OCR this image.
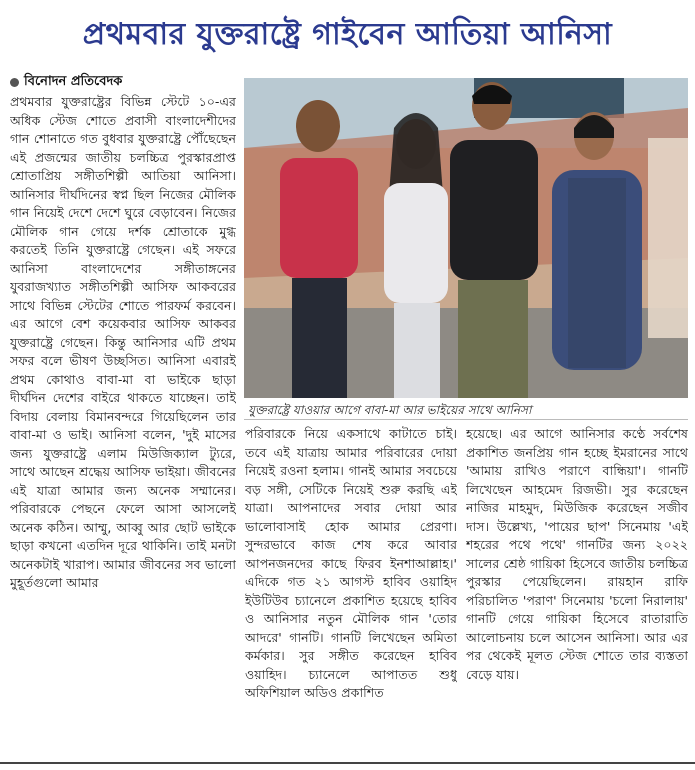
প্রথমবার যুক্তরাষ্ট্রে গাইবেন আতিয়া আনিসা
বিনোদন প্রতিবেদক

প্রথমবার যুক্তরাষ্ট্রের বিভিন্ন স্টেটে ১০-এর অধিক স্টেজ শোতে প্রবাসী বাংলাদেশীদের গান শোনাতে গত বুধবার যুক্তরাষ্ট্রে পৌঁছেছেন এই প্রজন্মের জাতীয় চলচ্চিত্র পুরস্কারপ্রাপ্ত শ্রোতাপ্রিয় সঙ্গীতশিল্পী আতিয়া আনিসা। আনিসার দীর্ঘদিনের স্বপ্ন ছিল নিজের মৌলিক গান নিয়েই দেশে দেশে ঘুরে বেড়াবেন। নিজের মৌলিক গান গেয়ে দর্শক শ্রোতাকে মুগ্ধ করতেই তিনি যুক্তরাষ্ট্রে গেছেন। এই সফরে আনিসা বাংলাদেশের সঙ্গীতাঙ্গনের যুবরাজখ্যাত সঙ্গীতশিল্পী আসিফ আকবরের সাথে বিভিন্ন স্টেটের শোতে পারফর্ম করবেন। এর আগে বেশ কয়েকবার আসিফ আকবর যুক্তরাষ্ট্রে গেছেন। কিন্তু আনিসার এটি প্রথম সফর বলে ভীষণ উচ্ছসিত। আনিসা এবারই প্রথম কোথাও বাবা-মা বা ভাইকে ছাড়া দীর্ঘদিন দেশের বাইরে থাকতে যাচ্ছেন। তাই বিদায় বেলায় বিমানবন্দরে গিয়েছিলেন তার বাবা-মা ও ভাই। আনিসা বলেন, 'দুই মাসের জন্য যুক্তরাষ্ট্রে এলাম মিউজিক্যাল ট্যুরে, সাথে আছেন শ্রদ্ধেয় আসিফ ভাইয়া। জীবনের এই যাত্রা আমার জন্য অনেক সম্মানের। পরিবারকে পেছনে ফেলে আসা আসলেই অনেক কঠিন। আম্মু, আব্বু আর ছোট ভাইকে ছাড়া কখনো এতদিন দূরে থাকিনি। তাই মনটা অনেকটাই খারাপ। আমার জীবনের সব ভালো মুহূর্তগুলো আমার

যুক্তরাষ্ট্রে যাওয়ার আগে বাবা-মা আর ভাইয়ের সাথে আনিসা

পরিবারকে নিয়ে একসাথে কাটাতে চাই। তবে এই যাত্রায় আমার পরিবারের দোয়া নিয়েই রওনা হলাম। গানই আমার সবচেয়ে বড় সঙ্গী, সেটিকে নিয়েই শুরু করছি এই যাত্রা। আপনাদের সবার দোয়া আর ভালোবাসাই হোক আমার প্রেরণা। সুন্দরভাবে কাজ শেষ করে আবার আপনজনদের কাছে ফিরব ইনশাআল্লাহ।' এদিকে গত ২১ আগস্ট হাবিব ওয়াহিদ ইউটিউব চ্যানেলে প্রকাশিত হয়েছে হাবিব ও আনিসার নতুন মৌলিক গান 'তোর আদরে' গানটি। গানটি লিখেছেন অমিতা কর্মকার। সুর সঙ্গীত করেছেন হাবিব ওয়াহিদ। চ্যানেলে আপাতত শুধু অফিশিয়াল অডিও প্রকাশিত

হয়েছে। এর আগে আনিসার কণ্ঠে সর্বশেষ প্রকাশিত জনপ্রিয় গান হচ্ছে ইমরানের সাথে 'আমায় রাখিও পরাণে বান্ধিয়া'। গানটি লিখেছেন আহমেদ রিজভী। সুর করেছেন নাজির মাহমুদ, মিউজিক করেছেন সজীব দাস। উল্লেখ্য, 'পায়ের ছাপ' সিনেমায় 'এই শহরের পথে পথে' গানটির জন্য ২০২২ সালের শ্রেষ্ঠ গায়িকা হিসেবে জাতীয় চলচ্চিত্র পুরস্কার পেয়েছিলেন। রায়হান রাফি পরিচালিত 'পরাণ' সিনেমায় 'চলো নিরালায়' গানটি গেয়ে গায়িকা হিসেবে রাতারাতি আলোচনায় চলে আসেন আনিসা। আর এর পর থেকেই মূলত স্টেজ শোতে তার ব্যস্ততা বেড়ে যায়।
